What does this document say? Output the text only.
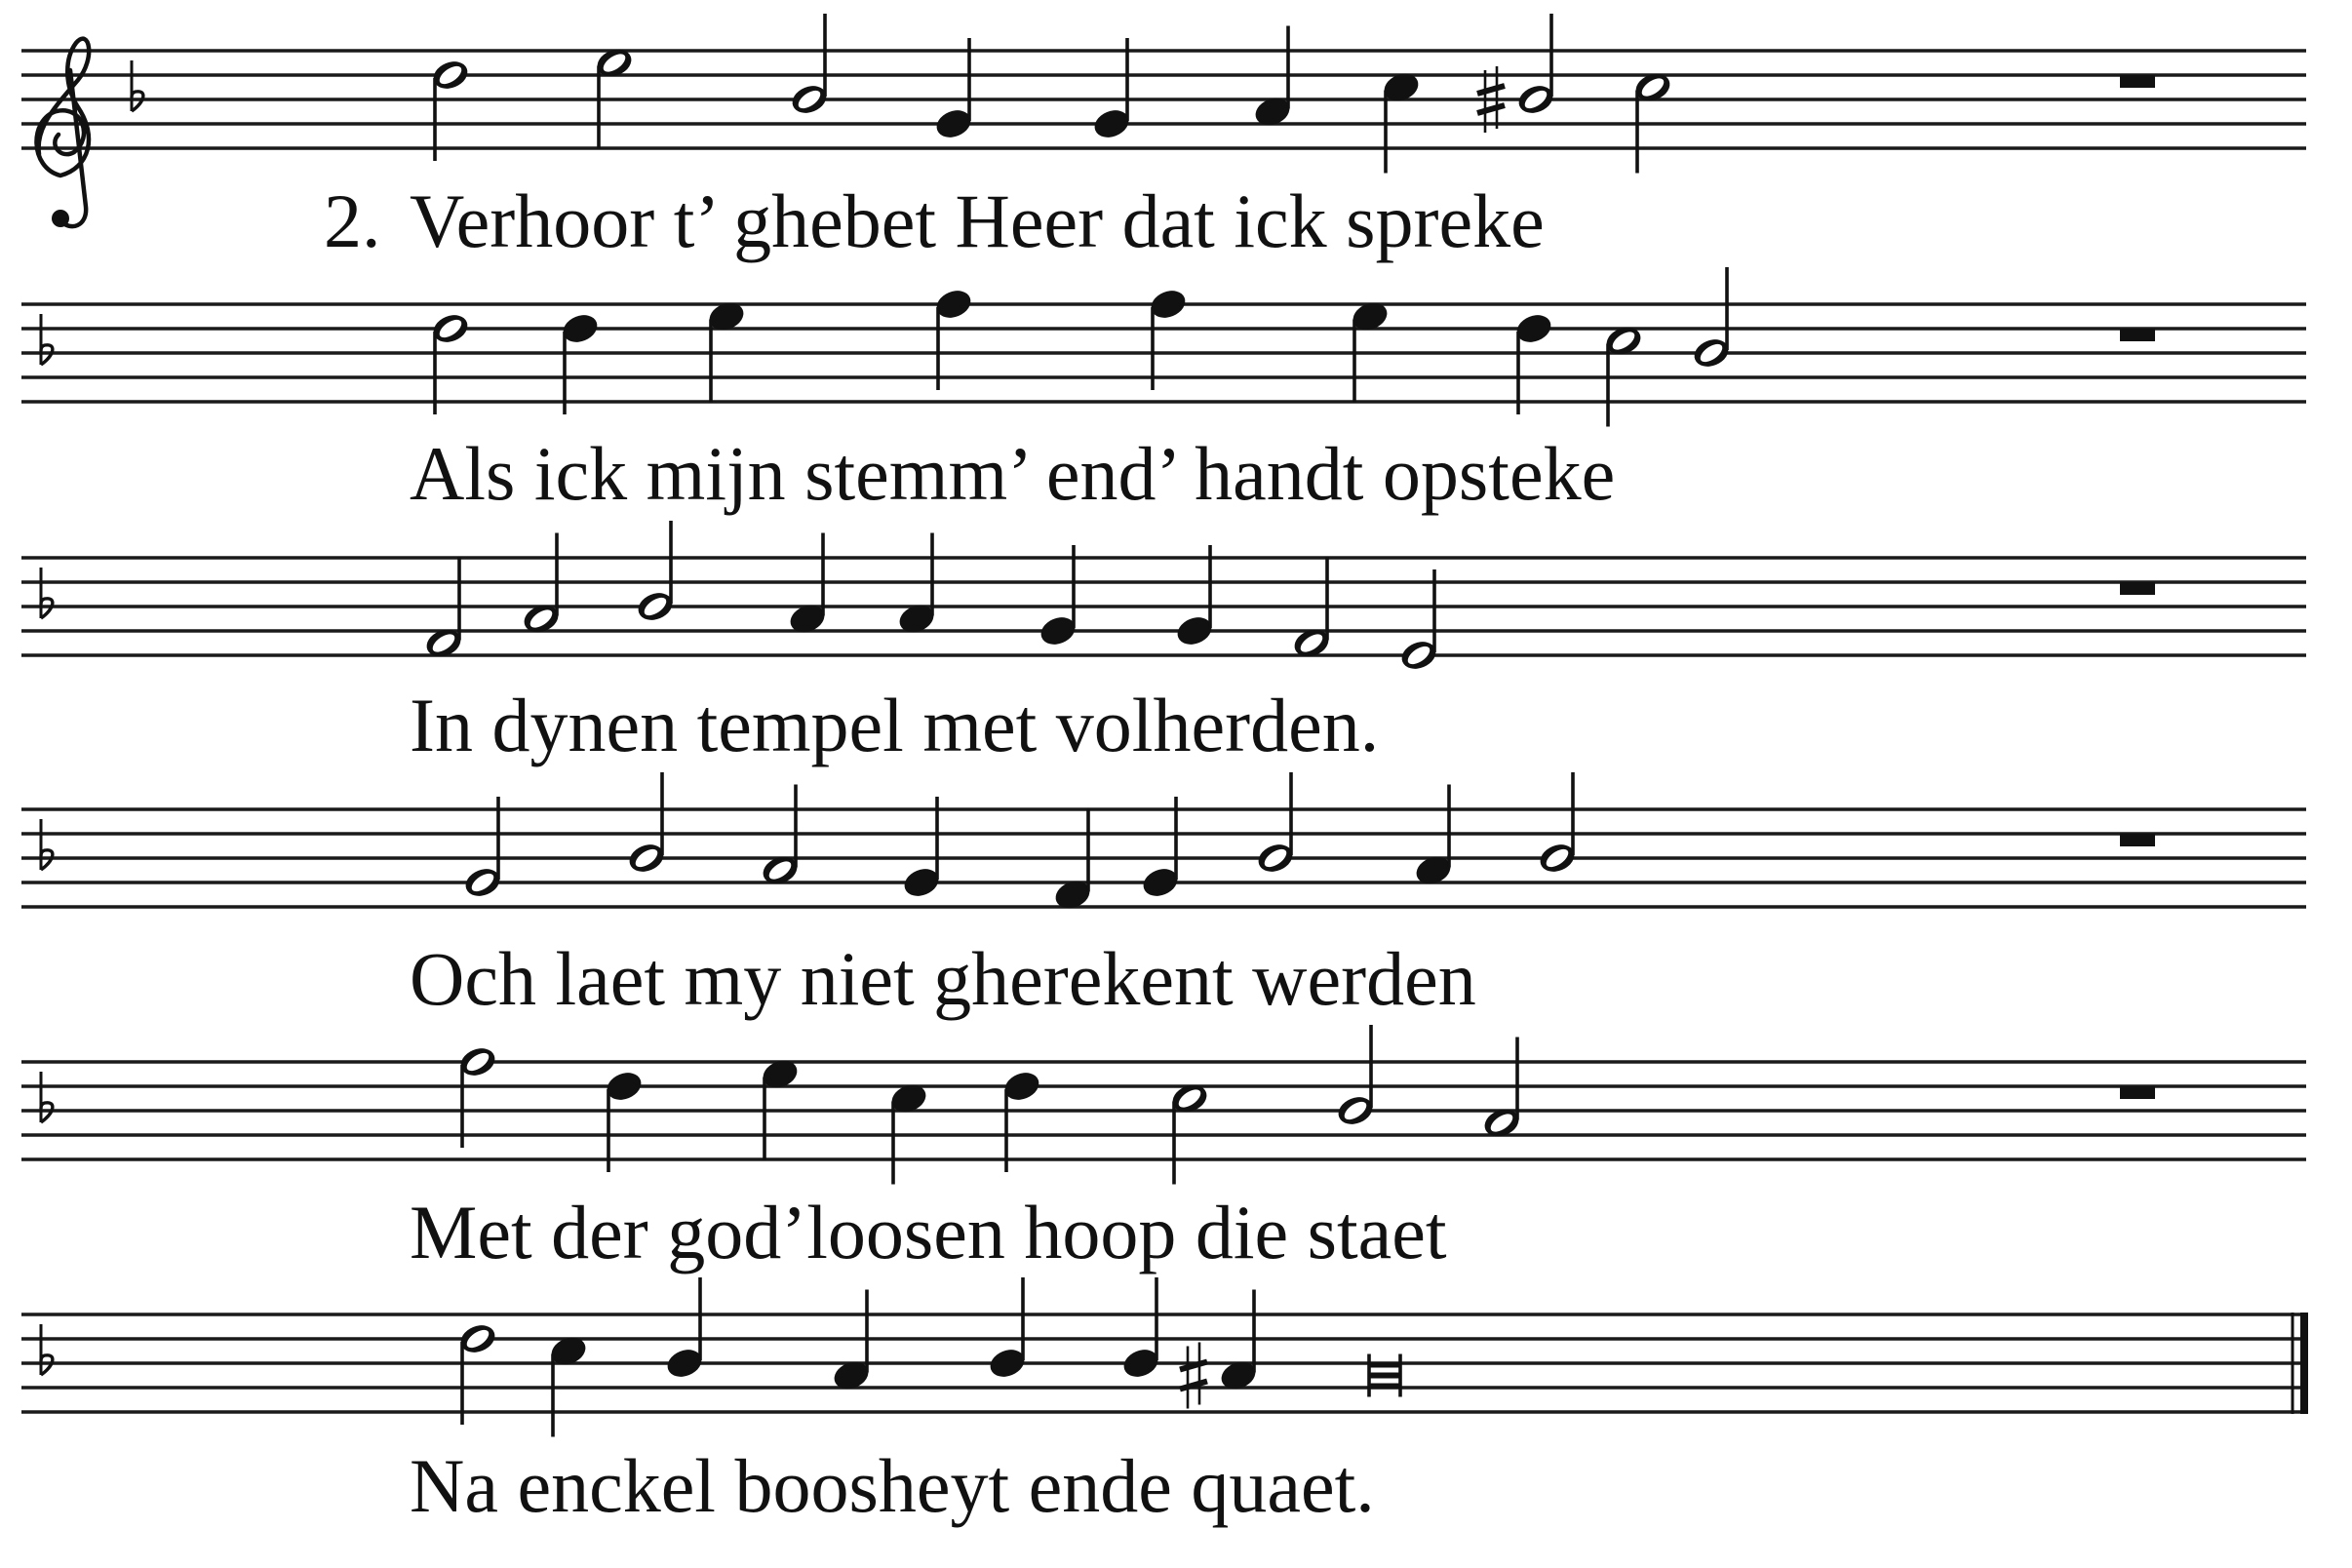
Verhoor t’ ghebet Heer dat ick spreke
Als ick mijn stemm’ end’ handt opsteke
In dynen tempel met volherden.
Och laet my niet gherekent werden
Met der god’loosen hoop die staet
Na enckel boosheyt ende quaet.
2.
